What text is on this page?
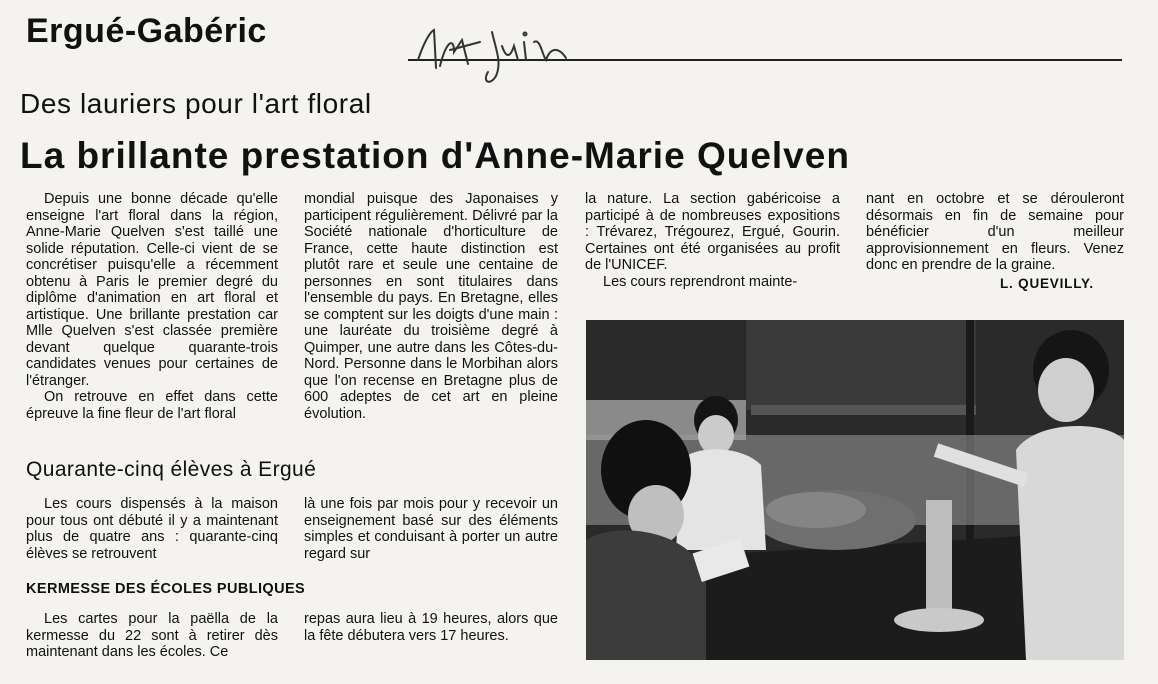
Ergué-Gabéric
Des lauriers pour l'art floral
La brillante prestation d'Anne-Marie Quelven

Depuis une bonne décade qu'elle enseigne l'art floral dans la région, Anne-Marie Quelven s'est taillé une solide réputation. Celle-ci vient de se concrétiser puisqu'elle a récemment obtenu à Paris le premier degré du diplôme d'animation en art floral et artistique. Une brillante prestation car Mlle Quelven s'est classée première devant quelque quarante-trois candidates venues pour certaines de l'étranger.

On retrouve en effet dans cette épreuve la fine fleur de l'art floral

mondial puisque des Japonaises y participent régulièrement. Délivré par la Société nationale d'horticulture de France, cette haute distinction est plutôt rare et seule une centaine de personnes en sont titulaires dans l'ensemble du pays. En Bretagne, elles se comptent sur les doigts d'une main : une lauréate du troisième degré à Quimper, une autre dans les Côtes-du-Nord. Personne dans le Morbihan alors que l'on recense en Bretagne plus de 600 adeptes de cet art en pleine évolution.

la nature. La section gabéricoise a participé à de nombreuses expositions : Trévarez, Trégourez, Ergué, Gourin. Certaines ont été organisées au profit de l'UNICEF.

Les cours reprendront mainte-

nant en octobre et se dérouleront désormais en fin de semaine pour bénéficier d'un meilleur approvisionnement en fleurs. Venez donc en prendre de la graine.

L. QUEVILLY.
Quarante-cinq élèves à Ergué

Les cours dispensés à la maison pour tous ont débuté il y a maintenant plus de quatre ans : quarante-cinq élèves se retrouvent

là une fois par mois pour y recevoir un enseignement basé sur des éléments simples et conduisant à porter un autre regard sur

KERMESSE DES ÉCOLES PUBLIQUES

Les cartes pour la paëlla de la kermesse du 22 sont à retirer dès maintenant dans les écoles. Ce

repas aura lieu à 19 heures, alors que la fête débutera vers 17 heures.
